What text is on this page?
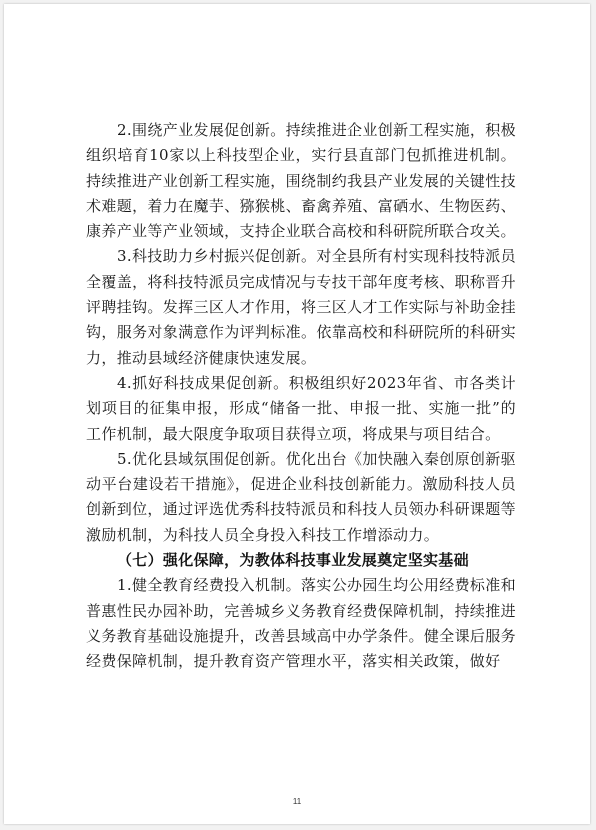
2.围绕产业发展促创新。持续推进企业创新工程实施，积极组织培育10家以上科技型企业，实行县直部门包抓推进机制。持续推进产业创新工程实施，围绕制约我县产业发展的关键性技术难题，着力在魔芋、猕猴桃、畜禽养殖、富硒水、生物医药、康养产业等产业领域，支持企业联合高校和科研院所联合攻关。

3.科技助力乡村振兴促创新。对全县所有村实现科技特派员全覆盖，将科技特派员完成情况与专技干部年度考核、职称晋升评聘挂钩。发挥三区人才作用，将三区人才工作实际与补助金挂钩，服务对象满意作为评判标准。依靠高校和科研院所的科研实力，推动县域经济健康快速发展。

4.抓好科技成果促创新。积极组织好2023年省、市各类计划项目的征集申报，形成“储备一批、申报一批、实施一批”的工作机制，最大限度争取项目获得立项，将成果与项目结合。

5.优化县域氛围促创新。优化出台《加快融入秦创原创新驱动平台建设若干措施》，促进企业科技创新能力。激励科技人员创新到位，通过评选优秀科技特派员和科技人员领办科研课题等激励机制，为科技人员全身投入科技工作增添动力。

（七）强化保障，为教体科技事业发展奠定坚实基础

1.健全教育经费投入机制。落实公办园生均公用经费标准和普惠性民办园补助，完善城乡义务教育经费保障机制，持续推进义务教育基础设施提升，改善县域高中办学条件。健全课后服务经费保障机制，提升教育资产管理水平，落实相关政策，做好

11
